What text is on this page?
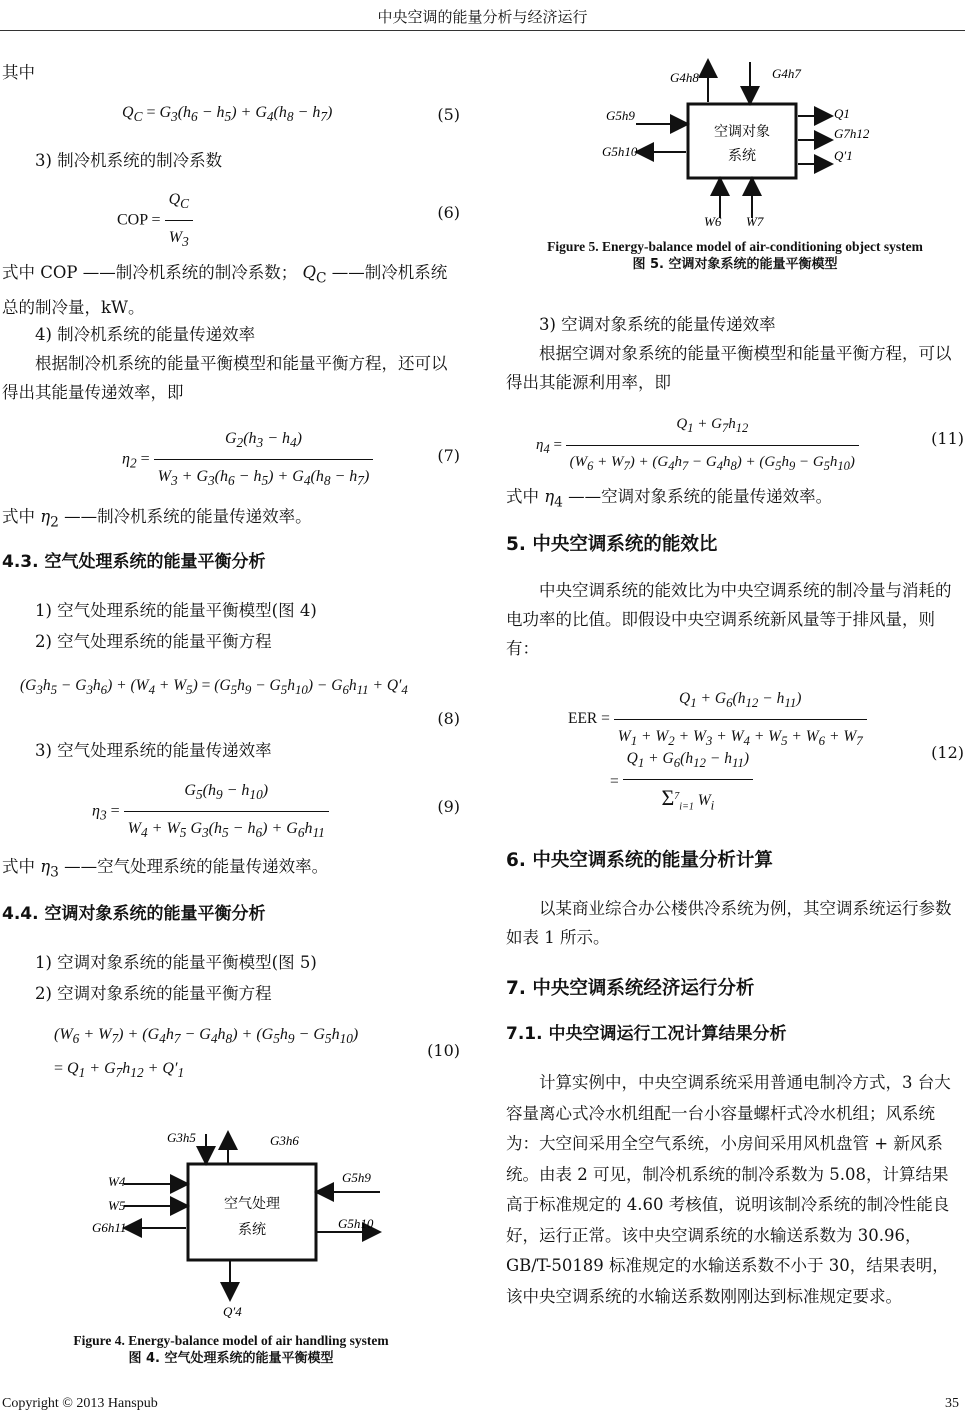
中央空调的能量分析与经济运行
其中
$Q_C = G_3(h_6 - h_5) + G_4(h_8 - h_7)$	(5)
3) 制冷机系统的制冷系数
COP = $\frac{Q_C}{W_3}$	(6)
式中 COP ——制冷机系统的制冷系数； $Q_C$ ——制冷机系统总的制冷量，kW。
4) 制冷机系统的能量传递效率
根据制冷机系统的能量平衡模型和能量平衡方程，还可以得出其能量传递效率，即
$\eta_2 = \frac{G_2(h_3 - h_4)}{W_3 + G_3(h_6 - h_5) + G_4(h_8 - h_7)}$	(7)
式中 $\eta_2$ ——制冷机系统的能量传递效率。
4.3. 空气处理系统的能量平衡分析
1) 空气处理系统的能量平衡模型(图 4)
2) 空气处理系统的能量平衡方程
$(G_3h_5 - G_3h_6) + (W_4 + W_5) = (G_5h_9 - G_5h_{10}) - G_6h_{11} + Q'_4$
(8)
3) 空气处理系统的能量传递效率
$\eta_3 = \frac{G_5(h_9 - h_{10})}{W_4 + W_5 G_3(h_5 - h_6) + G_6h_{11}}$	(9)
式中 $\eta_3$ ——空气处理系统的能量传递效率。
4.4. 空调对象系统的能量平衡分析
1) 空调对象系统的能量平衡模型(图 5)
2) 空调对象系统的能量平衡方程
$(W_6 + W_7) + (G_4h_7 - G_4h_8) + (G_5h_9 - G_5h_{10})$
= $Q_1 + G_7h_{12} + Q'_1$
(10)
空气处理
系统
G3h5	G3h6
W4
W5
G6h11
G5h9
G5h10
Q′4
Figure 4. Energy-balance model of air handling system
图 4. 空气处理系统的能量平衡模型
空调对象
系统
G4h8	G4h7
G5h9
G5h10
Q1
G7h12
Q′1
W6 W7
Figure 5. Energy-balance model of air-conditioning object system
图 5. 空调对象系统的能量平衡模型
3) 空调对象系统的能量传递效率
根据空调对象系统的能量平衡模型和能量平衡方程，可以得出其能源利用率，即
$\eta_4 = \frac{Q_1 + G_7h_{12}}{(W_6 + W_7) + (G_4h_7 - G_4h_8) + (G_5h_9 - G_5h_{10})}$	(11)
式中 $\eta_4$ ——空调对象系统的能量传递效率。
5. 中央空调系统的能效比
中央空调系统的能效比为中央空调系统的制冷量与消耗的电功率的比值。即假设中央空调系统新风量等于排风量，则有：
EER = $\frac{Q_1 + G_6(h_{12} - h_{11})}{W_1 + W_2 + W_3 + W_4 + W_5 + W_6 + W_7}$
= $\frac{Q_1 + G_6(h_{12} - h_{11})}{\Sigma^7_{i=1} W_i}$	(12)
6. 中央空调系统的能量分析计算
以某商业综合办公楼供冷系统为例，其空调系统运行参数如表 1 所示。
7. 中央空调系统经济运行分析
7.1. 中央空调运行工况计算结果分析
计算实例中，中央空调系统采用普通电制冷方式，3 台大容量离心式冷水机组配一台小容量螺杆式冷水机组；风系统为：大空间采用全空气系统，小房间采用风机盘管 + 新风系统。由表 2 可见，制冷机系统的制冷系数为 5.08，计算结果高于标准规定的 4.60 考核值，说明该制冷系统的制冷性能良好，运行正常。该中央空调系统的水输送系数为 30.96，GB/T-50189 标准规定的水输送系数不小于 30，结果表明，该中央空调系统的水输送系数刚刚达到标准规定要求。
Copyright © 2013 Hanspub	35
